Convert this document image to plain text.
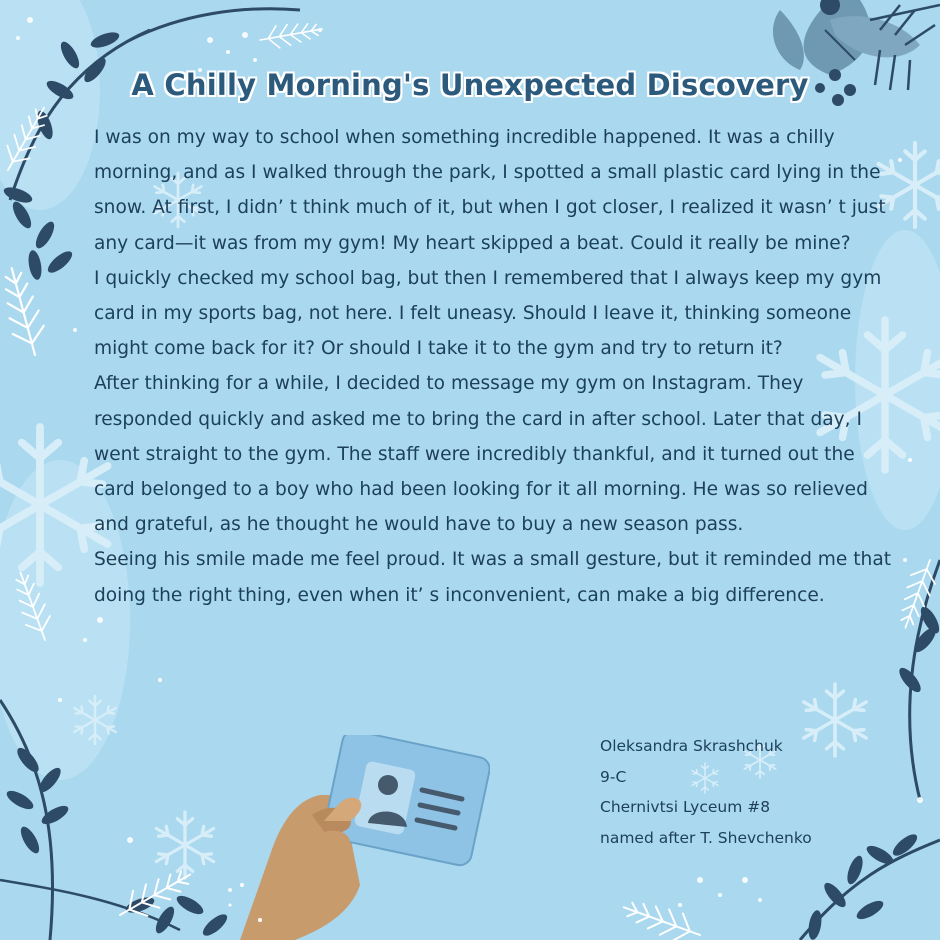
A Chilly Morning's Unexpected Discovery

I was on my way to school when something incredible happened. It was a chilly morning, and as I walked through the park, I spotted a small plastic card lying in the snow. At first, I didn’ t think much of it, but when I got closer, I realized it wasn’ t just any card—it was from my gym! My heart skipped a beat. Could it really be mine?

I quickly checked my school bag, but then I remembered that I always keep my gym card in my sports bag, not here. I felt uneasy. Should I leave it, thinking someone might come back for it? Or should I take it to the gym and try to return it?

After thinking for a while, I decided to message my gym on Instagram. They responded quickly and asked me to bring the card in after school. Later that day, I went straight to the gym. The staff were incredibly thankful, and it turned out the card belonged to a boy who had been looking for it all morning. He was so relieved and grateful, as he thought he would have to buy a new season pass.

Seeing his smile made me feel proud. It was a small gesture, but it reminded me that doing the right thing, even when it’ s inconvenient, can make a big difference.

Oleksandra Skrashchuk
9-C
Chernivtsi Lyceum #8
named after T. Shevchenko
